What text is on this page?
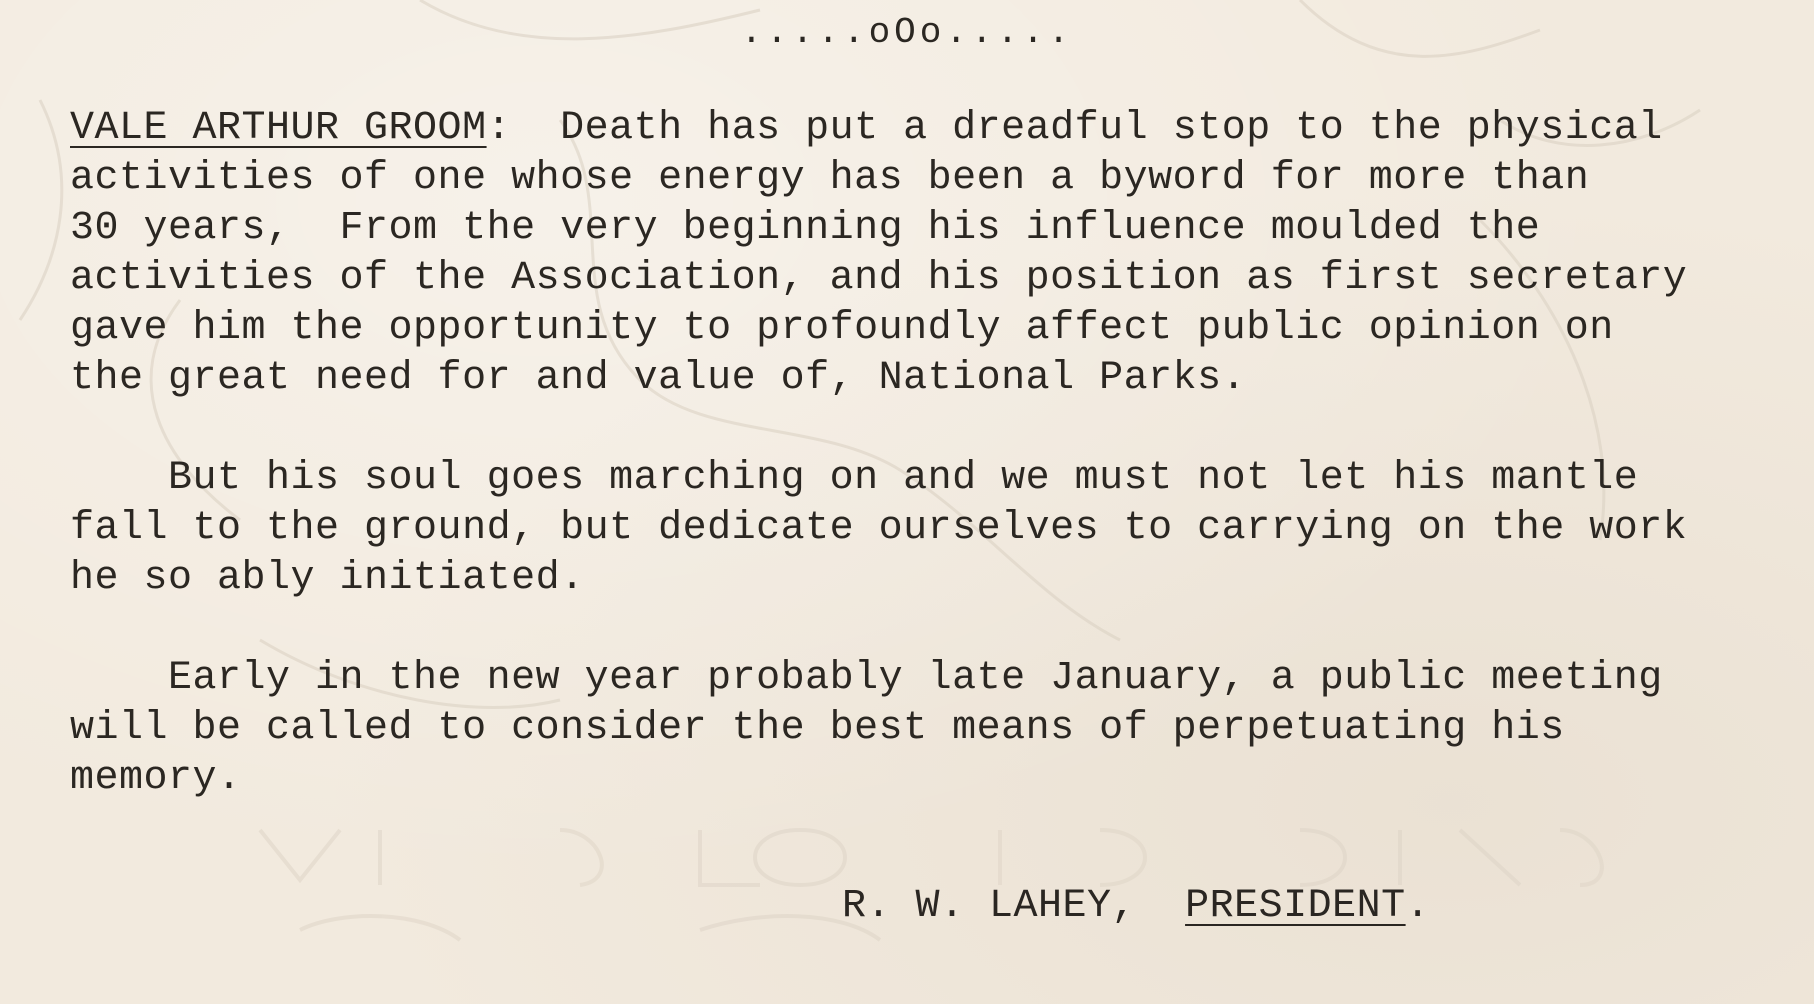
.....oOo.....
VALE ARTHUR GROOM:  Death has put a dreadful stop to the physical
activities of one whose energy has been a byword for more than
30 years,  From the very beginning his influence moulded the
activities of the Association, and his position as first secretary
gave him the opportunity to profoundly affect public opinion on
the great need for and value of, National Parks.
But his soul goes marching on and we must not let his mantle
fall to the ground, but dedicate ourselves to carrying on the work
he so ably initiated.
Early in the new year probably late January, a public meeting
will be called to consider the best means of perpetuating his
memory.
R. W. LAHEY,  PRESIDENT.
